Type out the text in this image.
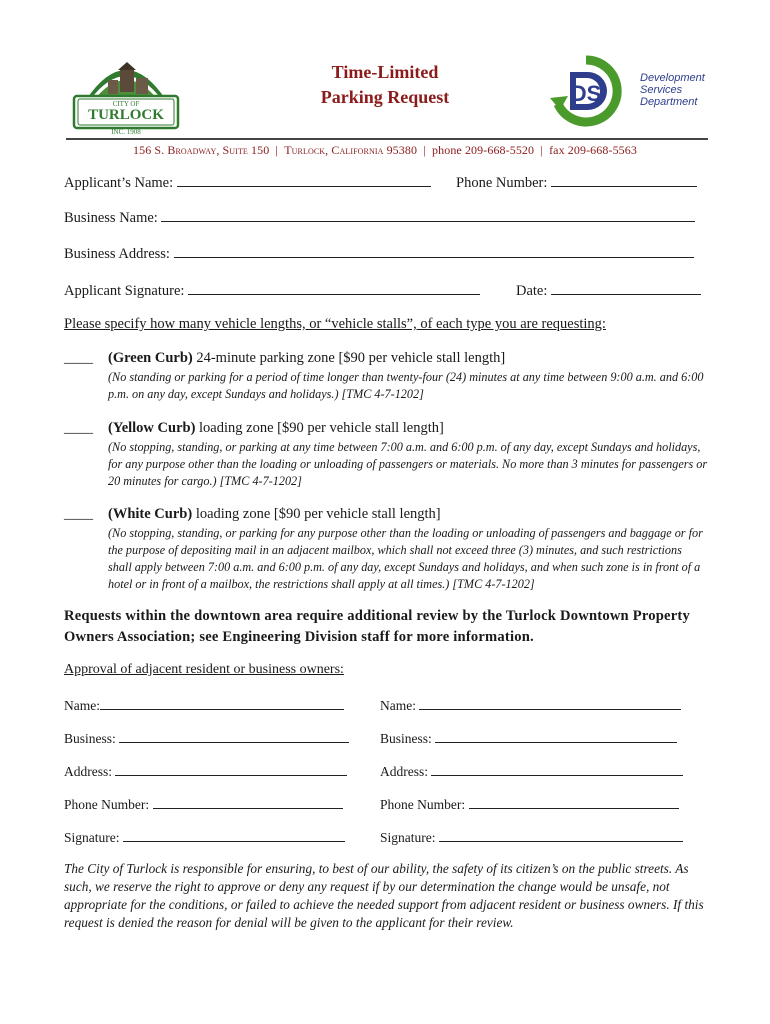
CITY OF
TURLOCK
INC. 1908
Time-Limited
Parking Request	DS
Development
Services
Department
156 S. Broadway, Suite 150 | Turlock, California 95380 | phone 209-668-5520 | fax 209-668-5563
Applicant’s Name:	Phone Number:
Business Name:
Business Address:
Applicant Signature:	Date:
Please specify how many vehicle lengths, or “vehicle stalls”, of each type you are requesting:
____ (Green Curb) 24-minute parking zone [$90 per vehicle stall length]
(No standing or parking for a period of time longer than twenty-four (24) minutes at any time between 9:00 a.m. and 6:00 p.m. on any day, except Sundays and holidays.) [TMC 4-7-1202]
____ (Yellow Curb) loading zone [$90 per vehicle stall length]
(No stopping, standing, or parking at any time between 7:00 a.m. and 6:00 p.m. of any day, except Sundays and holidays, for any purpose other than the loading or unloading of passengers or materials. No more than 3 minutes for passengers or 20 minutes for cargo.) [TMC 4-7-1202]
____ (White Curb) loading zone [$90 per vehicle stall length]
(No stopping, standing, or parking for any purpose other than the loading or unloading of passengers and baggage or for the purpose of depositing mail in an adjacent mailbox, which shall not exceed three (3) minutes, and such restrictions shall apply between 7:00 a.m. and 6:00 p.m. of any day, except Sundays and holidays, and when such zone is in front of a hotel or in front of a mailbox, the restrictions shall apply at all times.) [TMC 4-7-1202]
Requests within the downtown area require additional review by the Turlock Downtown Property Owners Association; see Engineering Division staff for more information.
Approval of adjacent resident or business owners:
Name:	Name:
Business:	Business:
Address:	Address:
Phone Number:	Phone Number:
Signature:	Signature:
The City of Turlock is responsible for ensuring, to best of our ability, the safety of its citizen’s on the public streets. As such, we reserve the right to approve or deny any request if by our determination the change would be unsafe, not appropriate for the conditions, or failed to achieve the needed support from adjacent resident or business owners. If this request is denied the reason for denial will be given to the applicant for their review.
